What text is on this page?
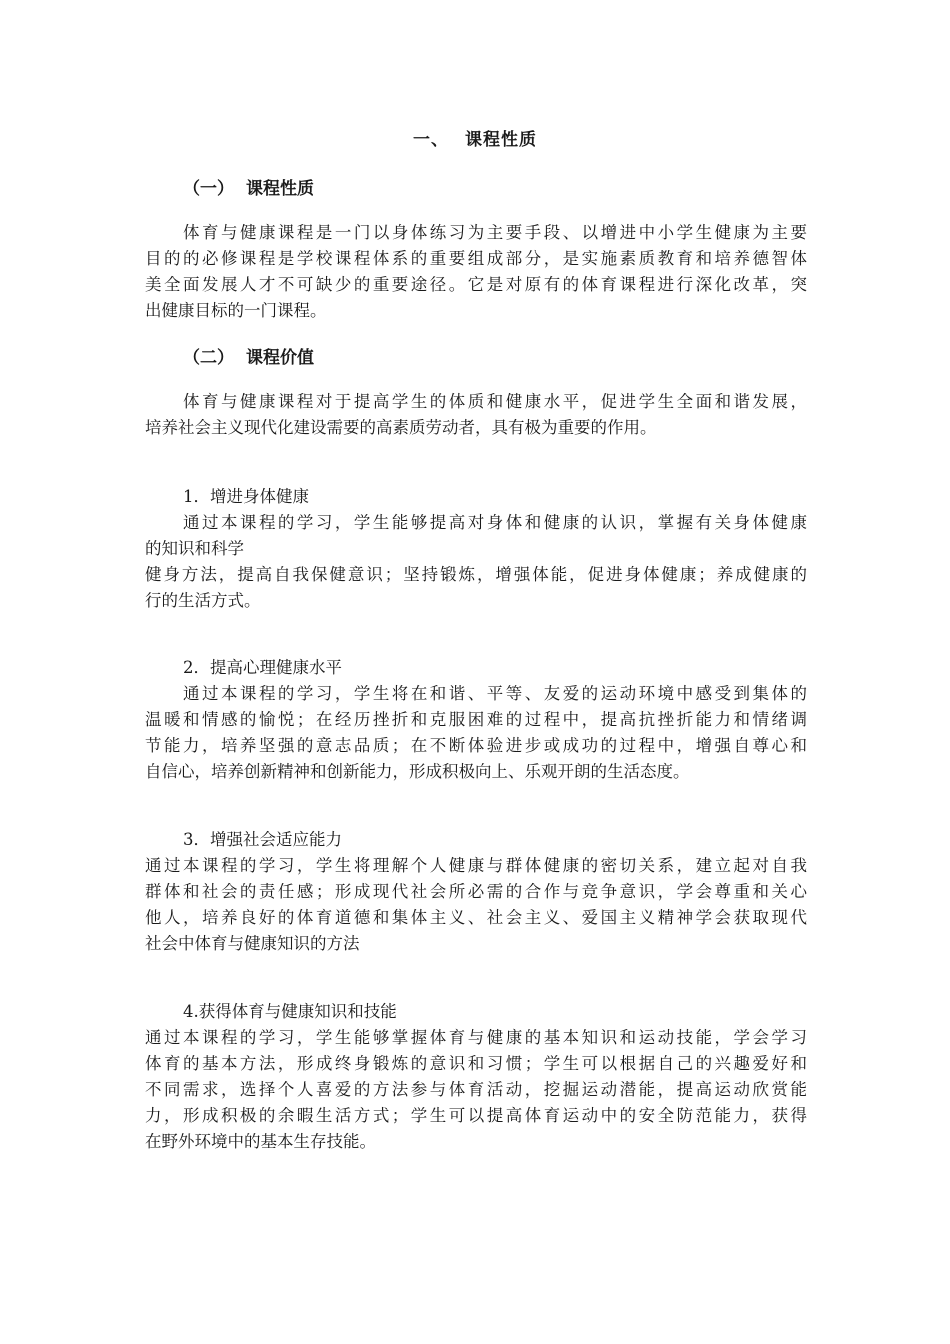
一、 课程性质
（一） 课程性质
体育与健康课程是一门以身体练习为主要手段、以增进中小学生健康为主要
目的的必修课程是学校课程体系的重要组成部分，是实施素质教育和培养德智体
美全面发展人才不可缺少的重要途径。它是对原有的体育课程进行深化改革，突
出健康目标的一门课程。
（二） 课程价值
体育与健康课程对于提高学生的体质和健康水平，促进学生全面和谐发展，
培养社会主义现代化建设需要的高素质劳动者，具有极为重要的作用。
1．增进身体健康
通过本课程的学习，学生能够提高对身体和健康的认识，掌握有关身体健康
的知识和科学
健身方法，提高自我保健意识；坚持锻炼，增强体能，促进身体健康；养成健康的
行的生活方式。
2．提高心理健康水平
通过本课程的学习，学生将在和谐、平等、友爱的运动环境中感受到集体的
温暖和情感的愉悦；在经历挫折和克服困难的过程中，提高抗挫折能力和情绪调
节能力，培养坚强的意志品质；在不断体验进步或成功的过程中，增强自尊心和
自信心，培养创新精神和创新能力，形成积极向上、乐观开朗的生活态度。
3．增强社会适应能力
通过本课程的学习，学生将理解个人健康与群体健康的密切关系，建立起对自我
群体和社会的责任感；形成现代社会所必需的合作与竞争意识，学会尊重和关心
他人，培养良好的体育道德和集体主义、社会主义、爱国主义精神学会获取现代
社会中体育与健康知识的方法
4.获得体育与健康知识和技能
通过本课程的学习，学生能够掌握体育与健康的基本知识和运动技能，学会学习
体育的基本方法，形成终身锻炼的意识和习惯；学生可以根据自己的兴趣爱好和
不同需求，选择个人喜爱的方法参与体育活动，挖掘运动潜能，提高运动欣赏能
力，形成积极的余暇生活方式；学生可以提高体育运动中的安全防范能力，获得
在野外环境中的基本生存技能。
